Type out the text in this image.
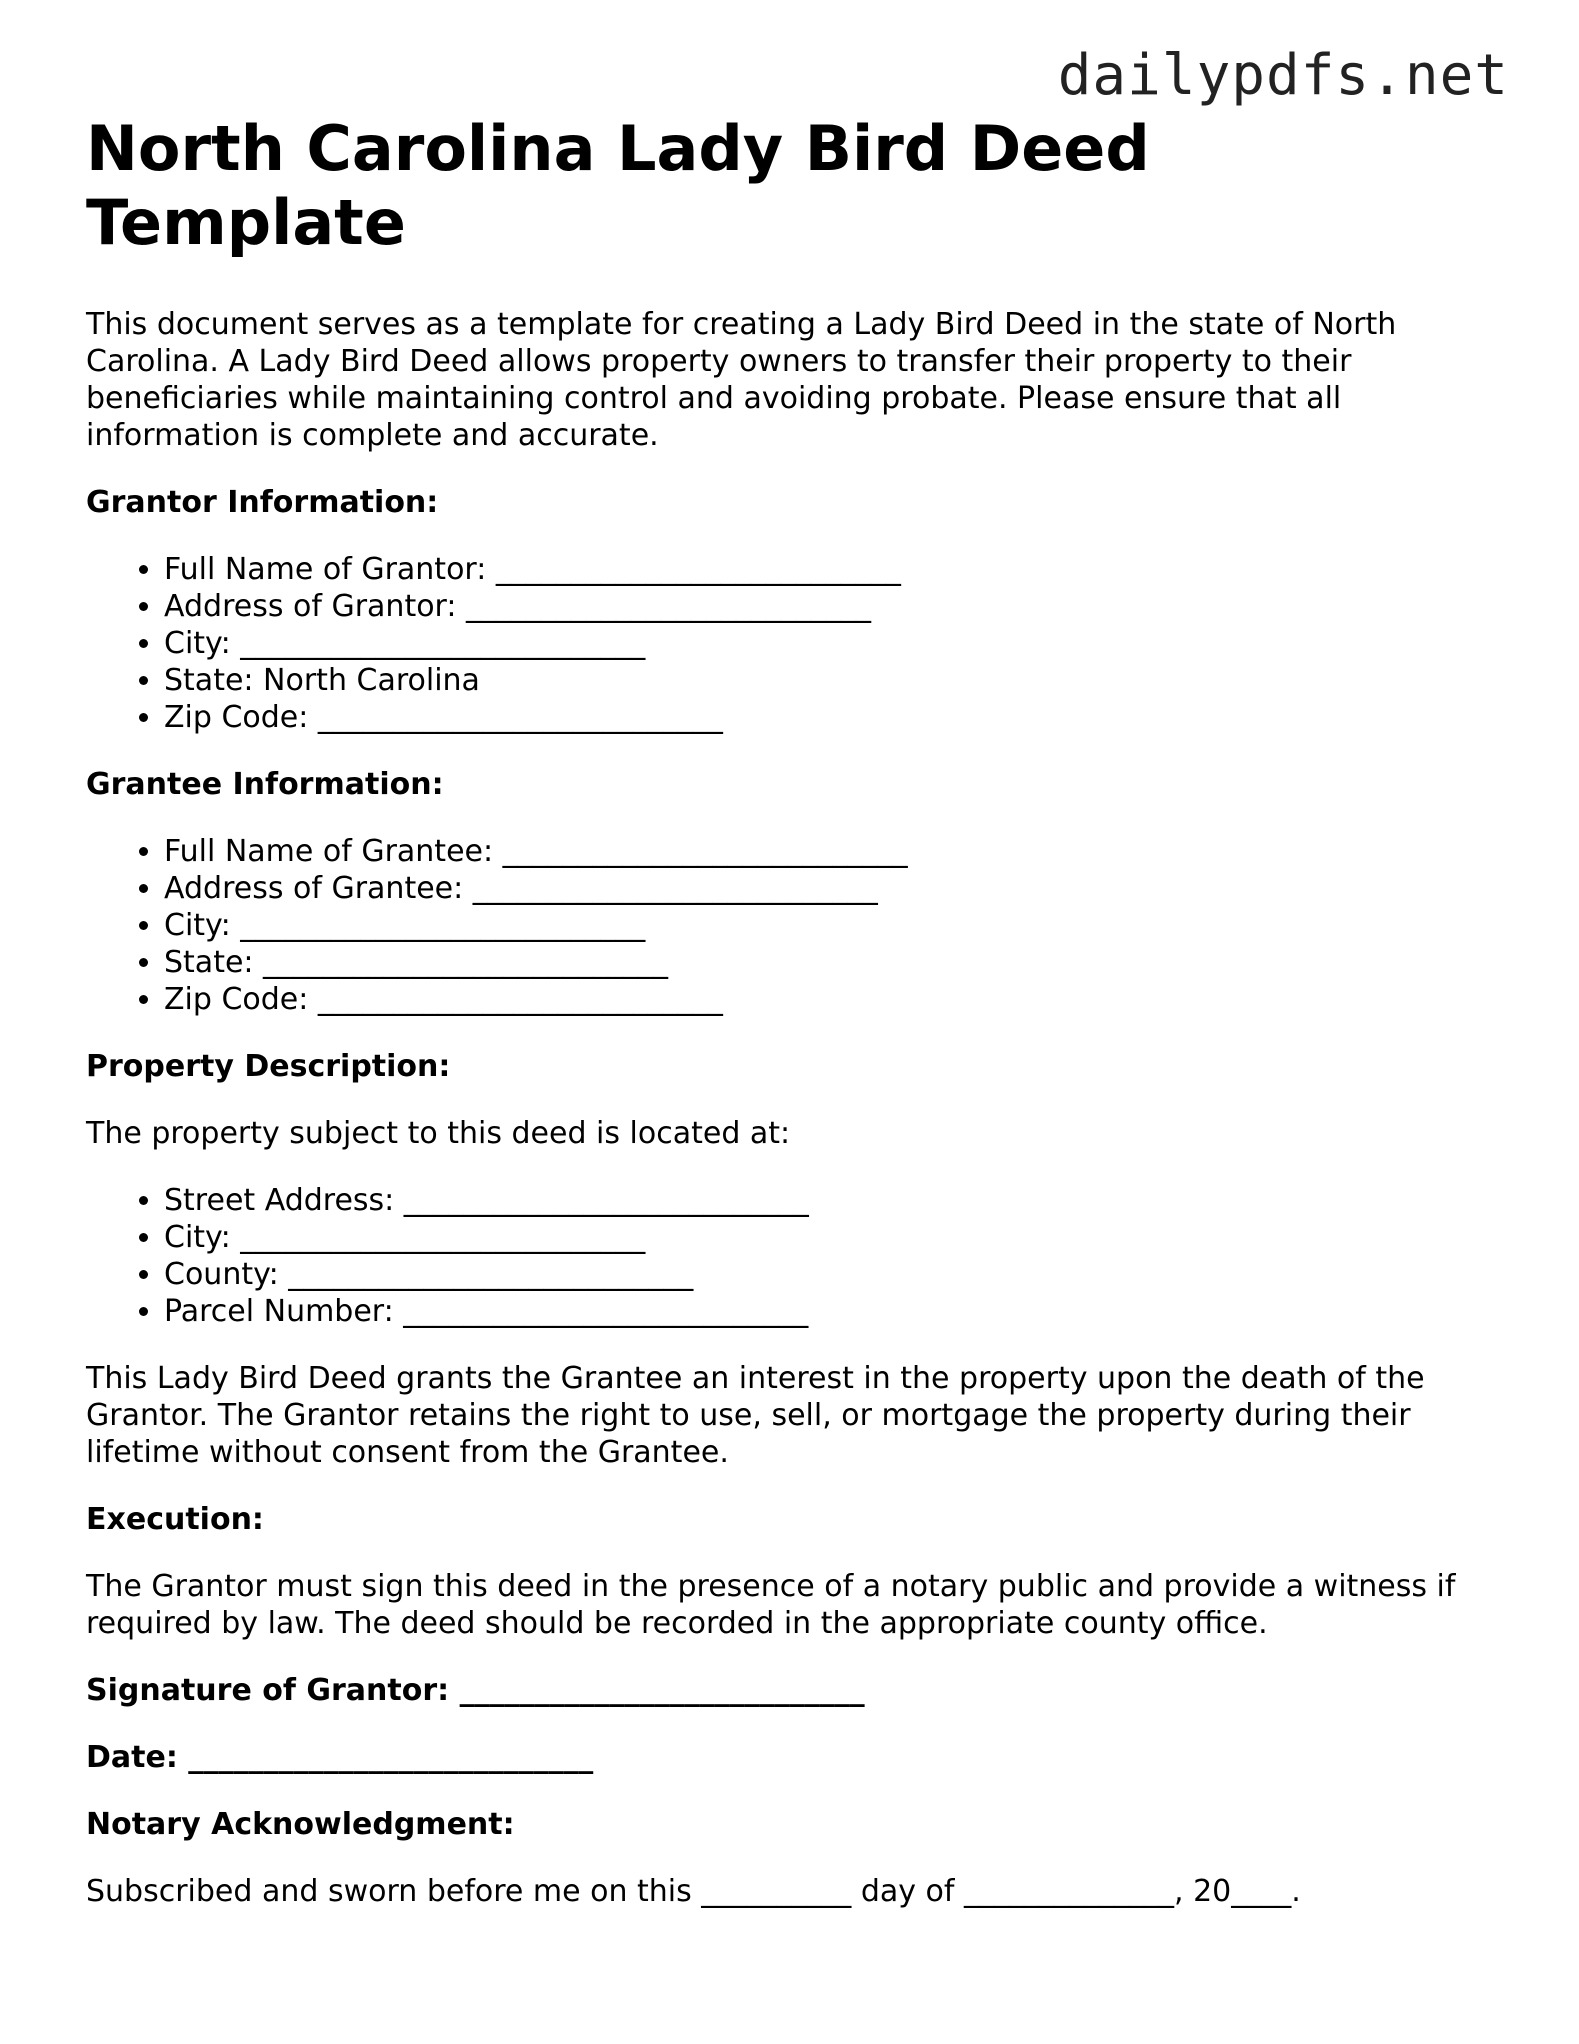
dailypdfs.net
North Carolina Lady Bird Deed Template

This document serves as a template for creating a Lady Bird Deed in the state of North Carolina. A Lady Bird Deed allows property owners to transfer their property to their beneficiaries while maintaining control and avoiding probate. Please ensure that all information is complete and accurate.

Grantor Information:
• Full Name of Grantor: ___________________________
• Address of Grantor: ___________________________
• City: ___________________________
• State: North Carolina
• Zip Code: ___________________________
Grantee Information:
• Full Name of Grantee: ___________________________
• Address of Grantee: ___________________________
• City: ___________________________
• State: ___________________________
• Zip Code: ___________________________
Property Description:

The property subject to this deed is located at:

• Street Address: ___________________________
• City: ___________________________
• County: ___________________________
• Parcel Number: ___________________________

This Lady Bird Deed grants the Grantee an interest in the property upon the death of the Grantor. The Grantor retains the right to use, sell, or mortgage the property during their lifetime without consent from the Grantee.

Execution:

The Grantor must sign this deed in the presence of a notary public and provide a witness if required by law. The deed should be recorded in the appropriate county office.

Signature of Grantor: ___________________________
Date: ___________________________
Notary Acknowledgment:

Subscribed and sworn before me on this __________ day of ______________, 20____.
